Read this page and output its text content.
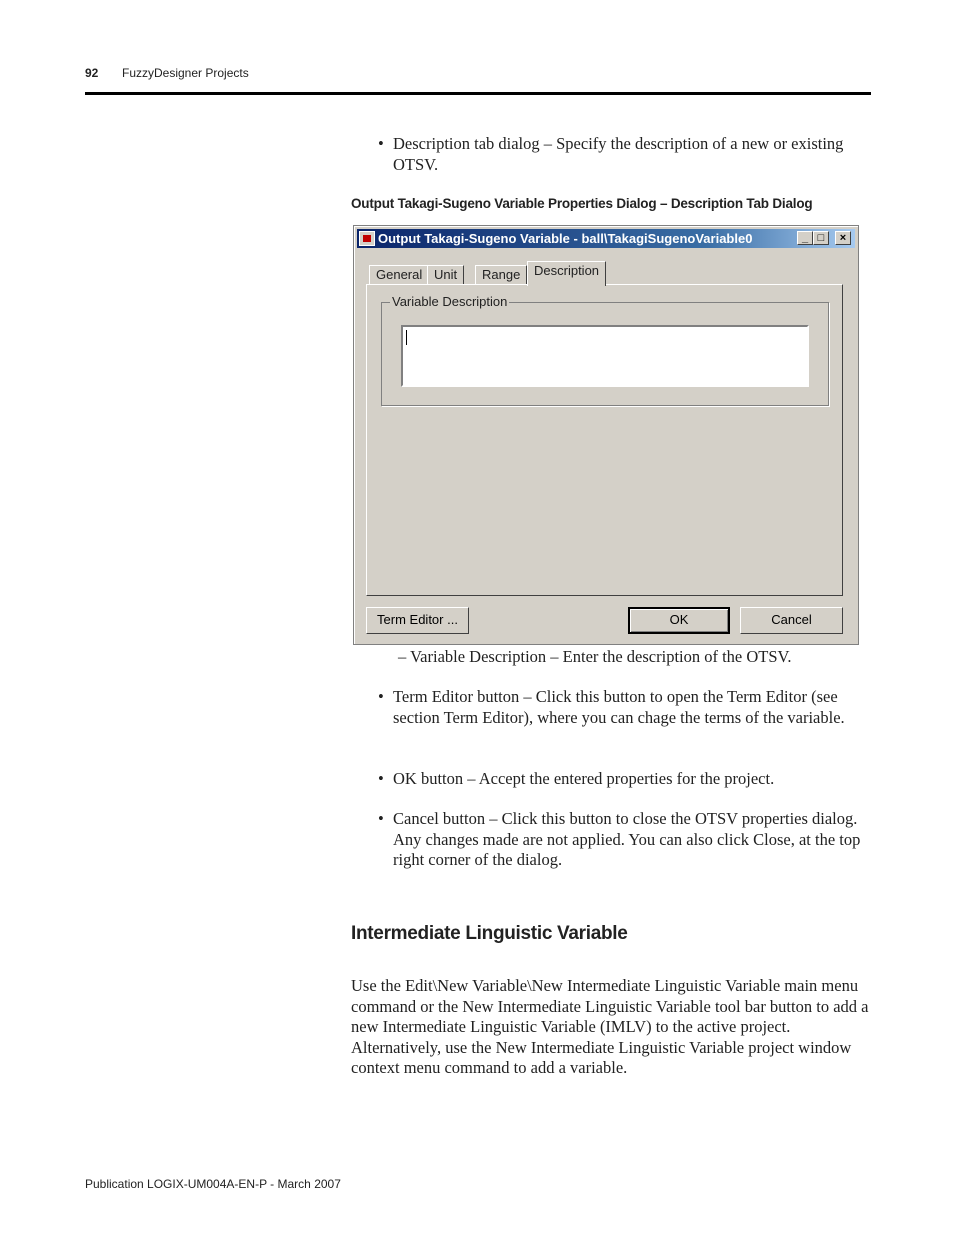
92 FuzzyDesigner Projects
• Description tab dialog – Specify the description of a new or existing OTSV.
Output Takagi-Sugeno Variable Properties Dialog – Description Tab Dialog
Output Takagi-Sugeno Variable - ball\TakagiSugenoVariable0	_ □	×
General Unit	Range	Description
Variable Description
Term Editor ...	OK	Cancel
– Variable Description – Enter the description of the OTSV.
• Term Editor button – Click this button to open the Term Editor (see section Term Editor), where you can chage the terms of the variable.
• OK button – Accept the entered properties for the project.
• Cancel button – Click this button to close the OTSV properties dialog. Any changes made are not applied. You can also click Close, at the top right corner of the dialog.
Intermediate Linguistic Variable
Use the Edit\New Variable\New Intermediate Linguistic Variable main menu command or the New Intermediate Linguistic Variable tool bar button to add a new Intermediate Linguistic Variable (IMLV) to the active project. Alternatively, use the New Intermediate Linguistic Variable project window context menu command to add a variable.
Publication LOGIX-UM004A-EN-P - March 2007
